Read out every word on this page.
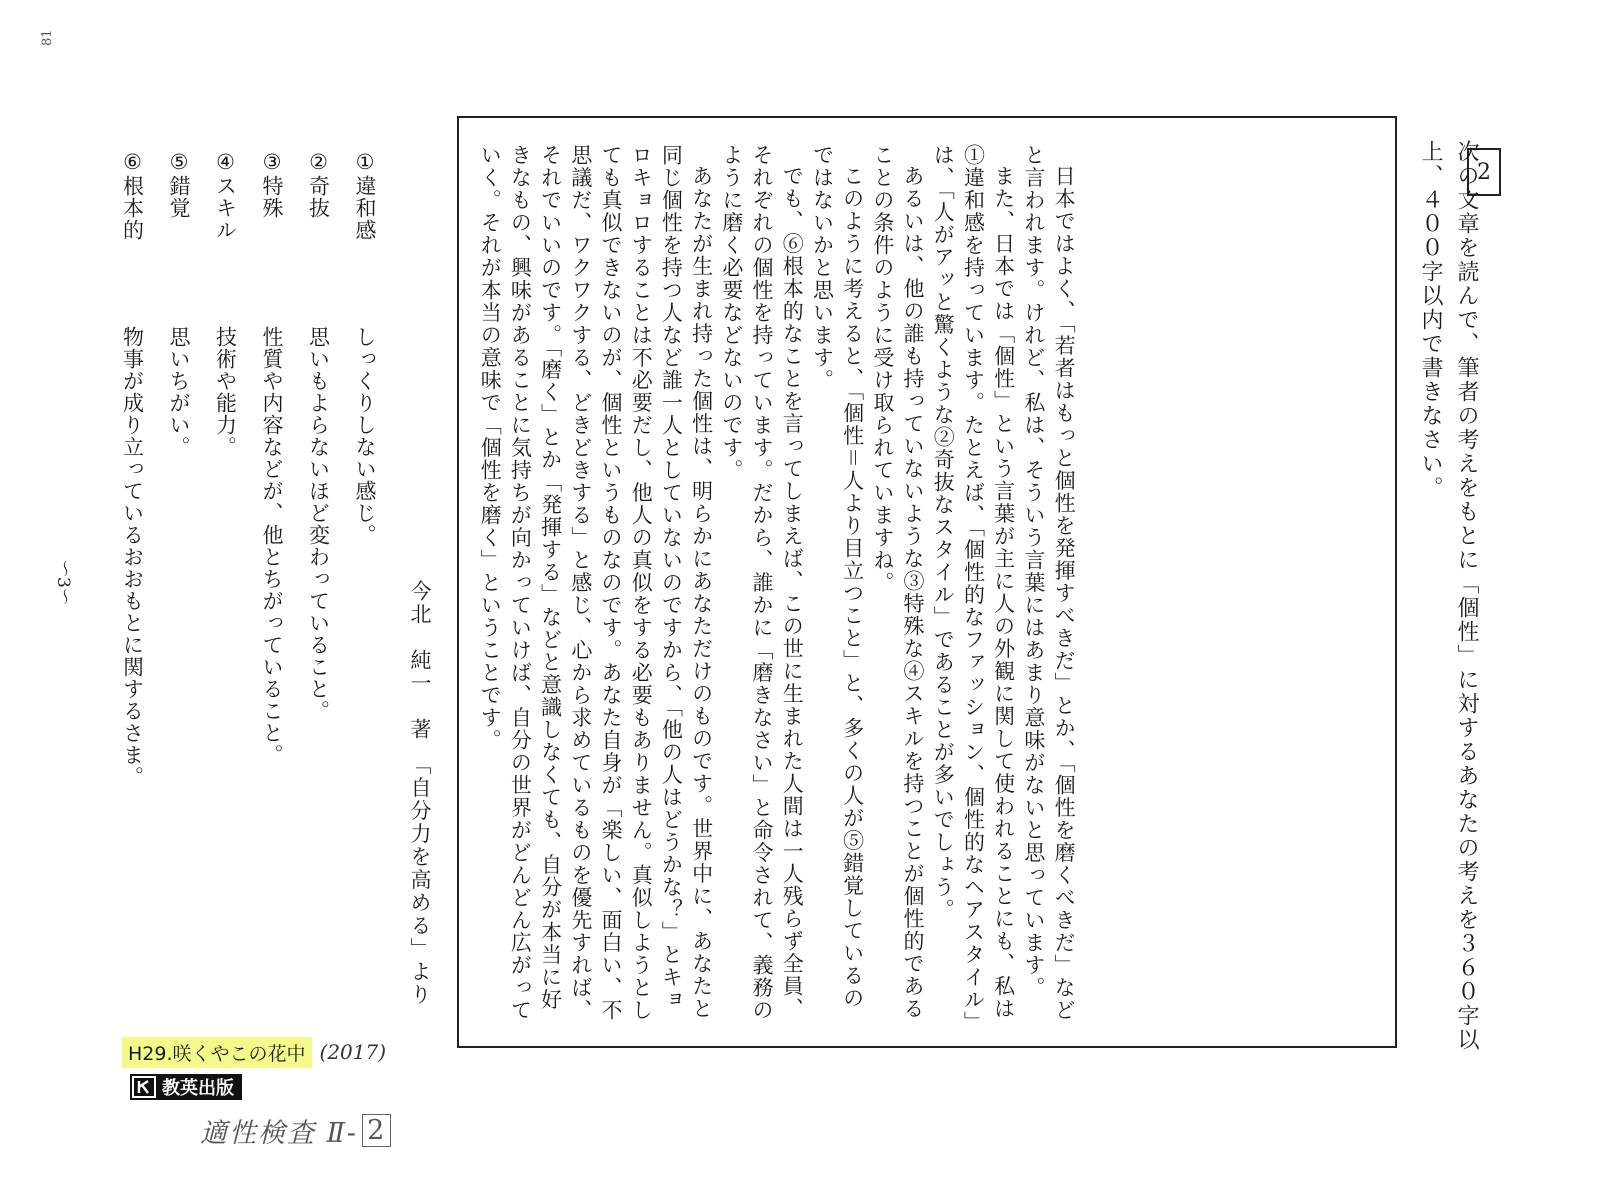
81
2
次の文章を読んで、筆者の考えをもとに「個性」に対するあなたの考えを３６０字以上、４００字以内で書きなさい。

日本ではよく、「若者はもっと個性を発揮すべきだ」とか、「個性を磨くべきだ」などと言われます。けれど、私は、そういう言葉にはあまり意味がないと思っています。

また、日本では「個性」という言葉が主に人の外観に関して使われることにも、私は①違和感を持っています。たとえば、「個性的なファッション、個性的なヘアスタイル」は、「人がアッと驚くような②奇抜なスタイル」であることが多いでしょう。

あるいは、他の誰も持っていないような③特殊な④スキルを持つことが個性的であることの条件のように受け取られていますね。

このように考えると、「個性＝人より目立つこと」と、多くの人が⑤錯覚しているのではないかと思います。

でも、⑥根本的なことを言ってしまえば、この世に生まれた人間は一人残らず全員、それぞれの個性を持っています。だから、誰かに「磨きなさい」と命令されて、義務のように磨く必要などないのです。

あなたが生まれ持った個性は、明らかにあなただけのものです。世界中に、あなたと同じ個性を持つ人など誰一人としていないのですから、「他の人はどうかな？」とキョロキョロすることは不必要だし、他人の真似をする必要もありません。真似しようとしても真似できないのが、個性というものなのです。あなた自身が「楽しい、面白い、不思議だ、ワクワクする、どきどきする」と感じ、心から求めているものを優先すれば、それでいいのです。「磨く」とか「発揮する」などと意識しなくても、自分が本当に好きなもの、興味があることに気持ちが向かっていけば、自分の世界がどんどん広がっていく。それが本当の意味で「個性を磨く」ということです。

今北　純一　著　「自分力を高める」より
①違和感しっくりしない感じ。
②奇抜思いもよらないほど変わっていること。
③特殊性質や内容などが、他とちがっていること。
④スキル技術や能力。
⑤錯覚思いちがい。
⑥根本的物事が成り立っているおおもとに関するさま。
〜3〜
H29.咲くやこの花中 (2017)
教英出版
適性検査 Ⅱ- 2
